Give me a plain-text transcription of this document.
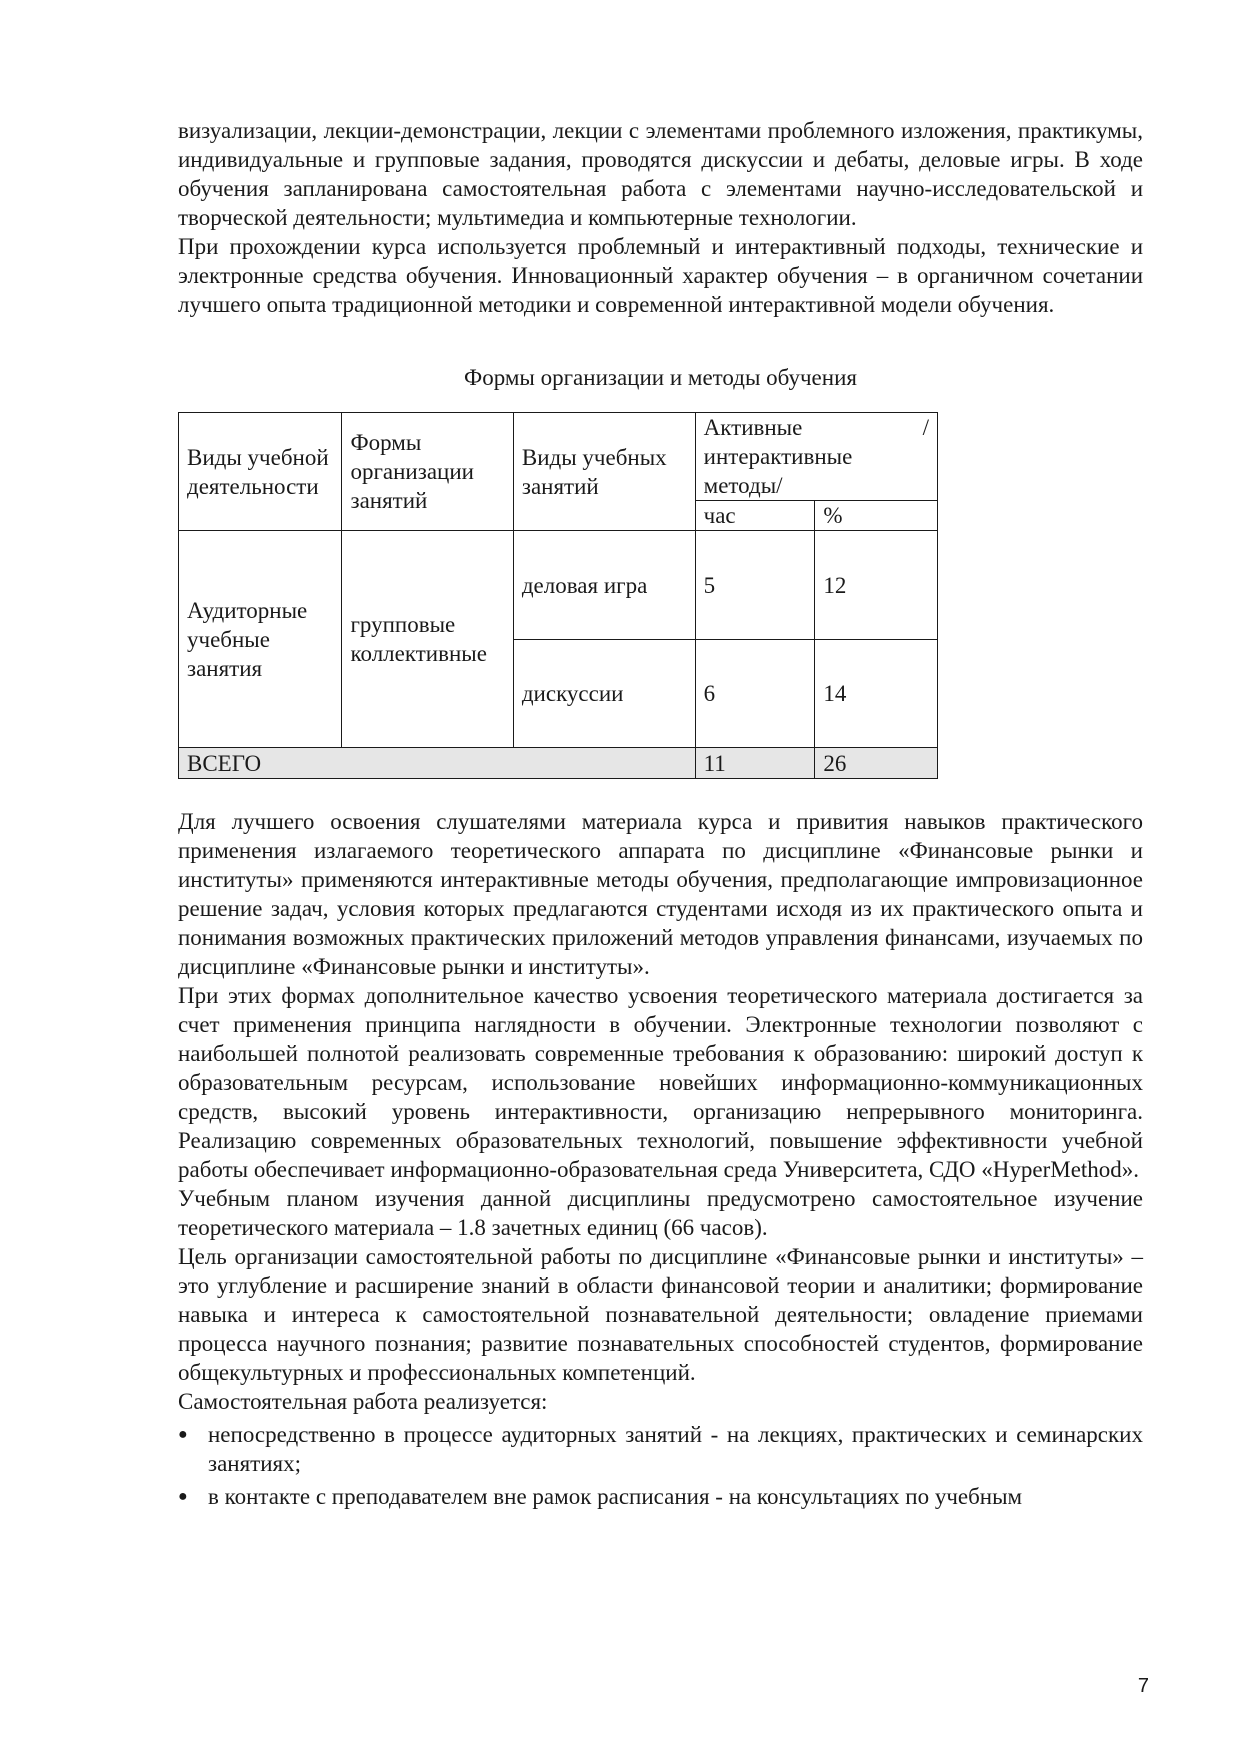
визуализации, лекции-демонстрации, лекции с элементами проблемного изложения, практикумы, индивидуальные и групповые задания, проводятся дискуссии и дебаты, деловые игры. В ходе обучения запланирована самостоятельная работа с элементами научно-исследовательской и творческой деятельности; мультимедиа и компьютерные технологии.

При прохождении курса используется проблемный и интерактивный подходы, технические и электронные средства обучения. Инновационный характер обучения – в органичном сочетании лучшего опыта традиционной методики и современной интерактивной модели обучения.

Формы организации и методы обучения

Виды учебной деятельности	Формы организации занятий	Виды учебных занятий	Активные /
интерактивные методы/	

			час	%
Аудиторные учебные занятия	групповые коллективные	деловая игра	5	12
		дискуссии	6	14
ВСЕГО			11	26

Для лучшего освоения слушателями материала курса и привития навыков практического применения излагаемого теоретического аппарата по дисциплине «Финансовые рынки и институты» применяются интерактивные методы обучения, предполагающие импровизационное решение задач, условия которых предлагаются студентами исходя из их практического опыта и понимания возможных практических приложений методов управления финансами, изучаемых по дисциплине «Финансовые рынки и институты».

При этих формах дополнительное качество усвоения теоретического материала достигается за счет применения принципа наглядности в обучении. Электронные технологии позволяют с наибольшей полнотой реализовать современные требования к образованию: широкий доступ к образовательным ресурсам, использование новейших информационно-коммуникационных средств, высокий уровень интерактивности, организацию непрерывного мониторинга. Реализацию современных образовательных технологий, повышение эффективности учебной работы обеспечивает информационно-образовательная среда Университета, СДО «HyperMethod».

Учебным планом изучения данной дисциплины предусмотрено самостоятельное изучение теоретического материала – 1.8 зачетных единиц (66 часов).

Цель организации самостоятельной работы по дисциплине «Финансовые рынки и институты» – это углубление и расширение знаний в области финансовой теории и аналитики; формирование навыка и интереса к самостоятельной познавательной деятельности; овладение приемами процесса научного познания; развитие познавательных способностей студентов, формирование общекультурных и профессиональных компетенций.

Самостоятельная работа реализуется:

● непосредственно в процессе аудиторных занятий - на лекциях, практических и семинарских занятиях;
● в контакте с преподавателем вне рамок расписания - на консультациях по учебным
7
